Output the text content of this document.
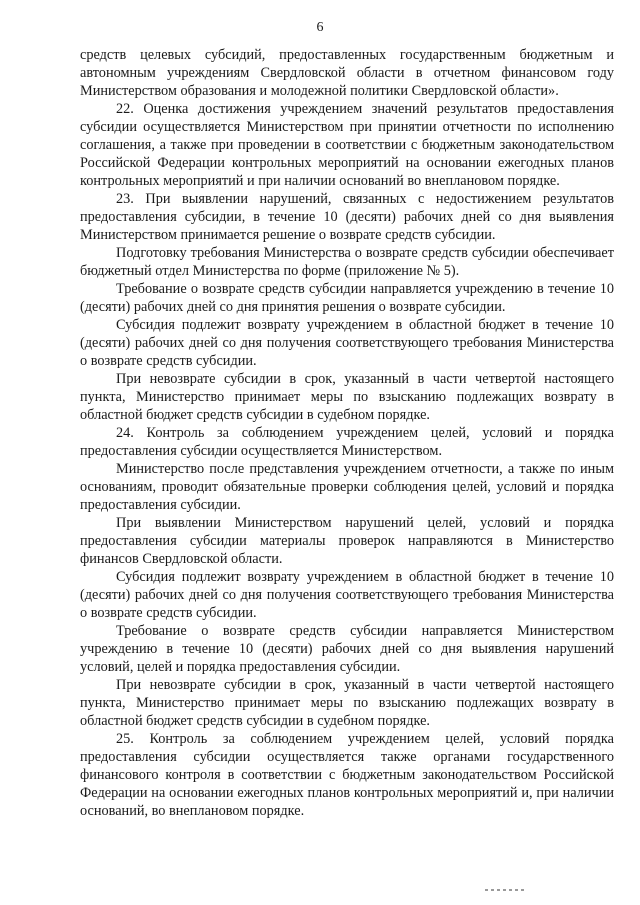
6

средств целевых субсидий, предоставленных государственным бюджетным и автономным учреждениям Свердловской области в отчетном финансовом году Министерством образования и молодежной политики Свердловской области».

22. Оценка достижения учреждением значений результатов предоставления субсидии осуществляется Министерством при принятии отчетности по исполнению соглашения, а также при проведении в соответствии с бюджетным законодательством Российской Федерации контрольных мероприятий на основании ежегодных планов контрольных мероприятий и при наличии оснований во внеплановом порядке.

23. При выявлении нарушений, связанных с недостижением результатов предоставления субсидии, в течение 10 (десяти) рабочих дней со дня выявления Министерством принимается решение о возврате средств субсидии.

Подготовку требования Министерства о возврате средств субсидии обеспечивает бюджетный отдел Министерства по форме (приложение № 5).

Требование о возврате средств субсидии направляется учреждению в течение 10 (десяти) рабочих дней со дня принятия решения о возврате субсидии.

Субсидия подлежит возврату учреждением в областной бюджет в течение 10 (десяти) рабочих дней со дня получения соответствующего требования Министерства о возврате средств субсидии.

При невозврате субсидии в срок, указанный в части четвертой настоящего пункта, Министерство принимает меры по взысканию подлежащих возврату в областной бюджет средств субсидии в судебном порядке.

24. Контроль за соблюдением учреждением целей, условий и порядка предоставления субсидии осуществляется Министерством.

Министерство после представления учреждением отчетности, а также по иным основаниям, проводит обязательные проверки соблюдения целей, условий и порядка предоставления субсидии.

При выявлении Министерством нарушений целей, условий и порядка предоставления субсидии материалы проверок направляются в Министерство финансов Свердловской области.

Субсидия подлежит возврату учреждением в областной бюджет в течение 10 (десяти) рабочих дней со дня получения соответствующего требования Министерства о возврате средств субсидии.

Требование о возврате средств субсидии направляется Министерством учреждению в течение 10 (десяти) рабочих дней со дня выявления нарушений условий, целей и порядка предоставления субсидии.

При невозврате субсидии в срок, указанный в части четвертой настоящего пункта, Министерство принимает меры по взысканию подлежащих возврату в областной бюджет средств субсидии в судебном порядке.

25. Контроль за соблюдением учреждением целей, условий порядка предоставления субсидии осуществляется также органами государственного финансового контроля в соответствии с бюджетным законодательством Российской Федерации на основании ежегодных планов контрольных мероприятий и, при наличии оснований, во внеплановом порядке.
